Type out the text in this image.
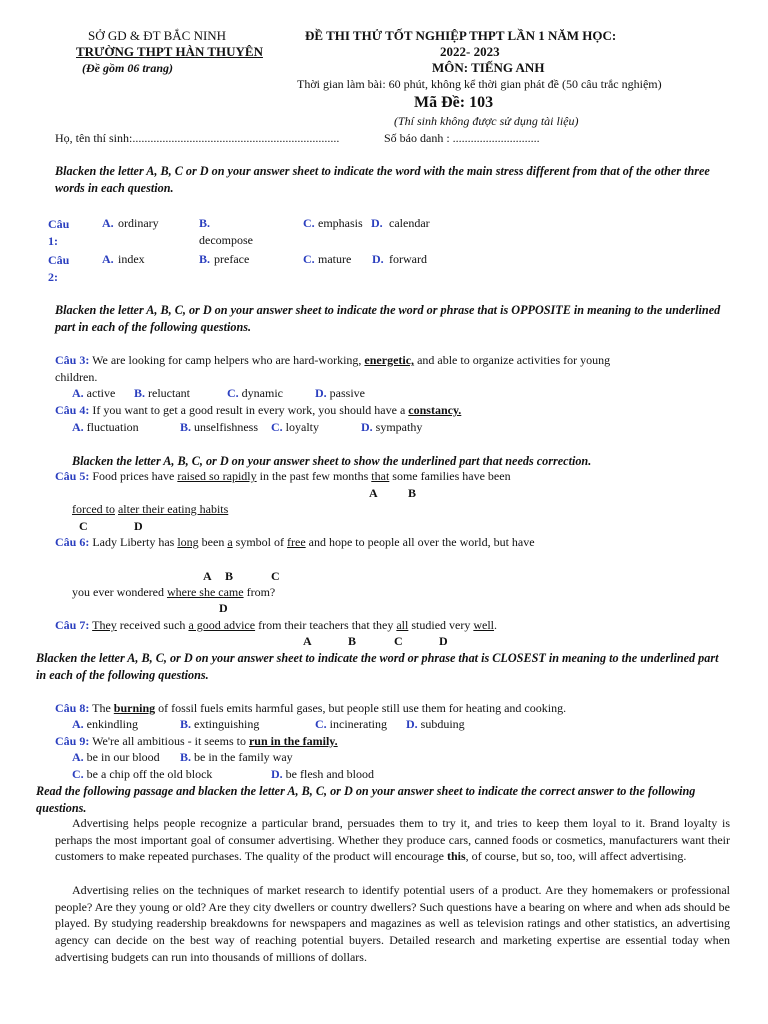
SỞ GD & ĐT BẮC NINH
TRƯỜNG THPT HÀN THUYÊN
(Đề gồm 06 trang)
ĐỀ THI THỬ TỐT NGHIỆP THPT LẦN 1 NĂM HỌC:
2022- 2023
MÔN: TIẾNG ANH
Thời gian làm bài: 60 phút, không kể thời gian phát đề (50 câu trắc nghiệm)
Mã Đề: 103
(Thí sinh không được sử dụng tài liệu)
Họ, tên thí sinh:.....................................................................	Số báo danh : .............................
Blacken the letter A, B, C or D on your answer sheet to indicate the word with the main stress different from that of the other three words in each question.
Câu 1:
A. ordinary	B.
decompose
C. emphasis D. calendar
Câu 2:
A. index	B. preface	C. mature D. forward
Blacken the letter A, B, C, or D on your answer sheet to indicate the word or phrase that is OPPOSITE in meaning to the underlined part in each of the following questions.
Câu 3: We are looking for camp helpers who are hard-working, energetic, and able to organize activities for young
children.
A. active B. reluctant	C. dynamic	D. passive
Câu 4: If you want to get a good result in every work, you should have a constancy.
A. fluctuation	B. unselfishness C. loyalty	D. sympathy
Blacken the letter A, B, C, or D on your answer sheet to show the underlined part that needs correction.
Câu 5: Food prices have raised so rapidly in the past few months that some families have been
A	B
forced to alter their eating habits
C	D
Câu 6: Lady Liberty has long been a symbol of free and hope to people all over the world, but have
A B	C
you ever wondered where she came from?
D
Câu 7: They received such a good advice from their teachers that they all studied very well.
A	B	C	D
Blacken the letter A, B, C, or D on your answer sheet to indicate the word or phrase that is CLOSEST in meaning to the underlined part in each of the following questions.
Câu 8: The burning of fossil fuels emits harmful gases, but people still use them for heating and cooking.
A. enkindling	B. extinguishing	C. incinerating D. subduing
Câu 9: We're all ambitious - it seems to run in the family.
A. be in our blood B. be in the family way
C. be a chip off the old block	D. be flesh and blood
Read the following passage and blacken the letter A, B, C, or D on your answer sheet to indicate the correct answer to the following questions.
Advertising helps people recognize a particular brand, persuades them to try it, and tries to keep them loyal to it. Brand loyalty is perhaps the most important goal of consumer advertising. Whether they produce cars, canned foods or cosmetics, manufacturers want their customers to make repeated purchases. The quality of the product will encourage this, of course, but so, too, will affect advertising.
Advertising relies on the techniques of market research to identify potential users of a product. Are they homemakers or professional people? Are they young or old? Are they city dwellers or country dwellers? Such questions have a bearing on where and when ads should be played. By studying readership breakdowns for newspapers and magazines as well as television ratings and other statistics, an advertising agency can decide on the best way of reaching potential buyers. Detailed research and marketing expertise are essential today when advertising budgets can run into thousands of millions of dollars.
